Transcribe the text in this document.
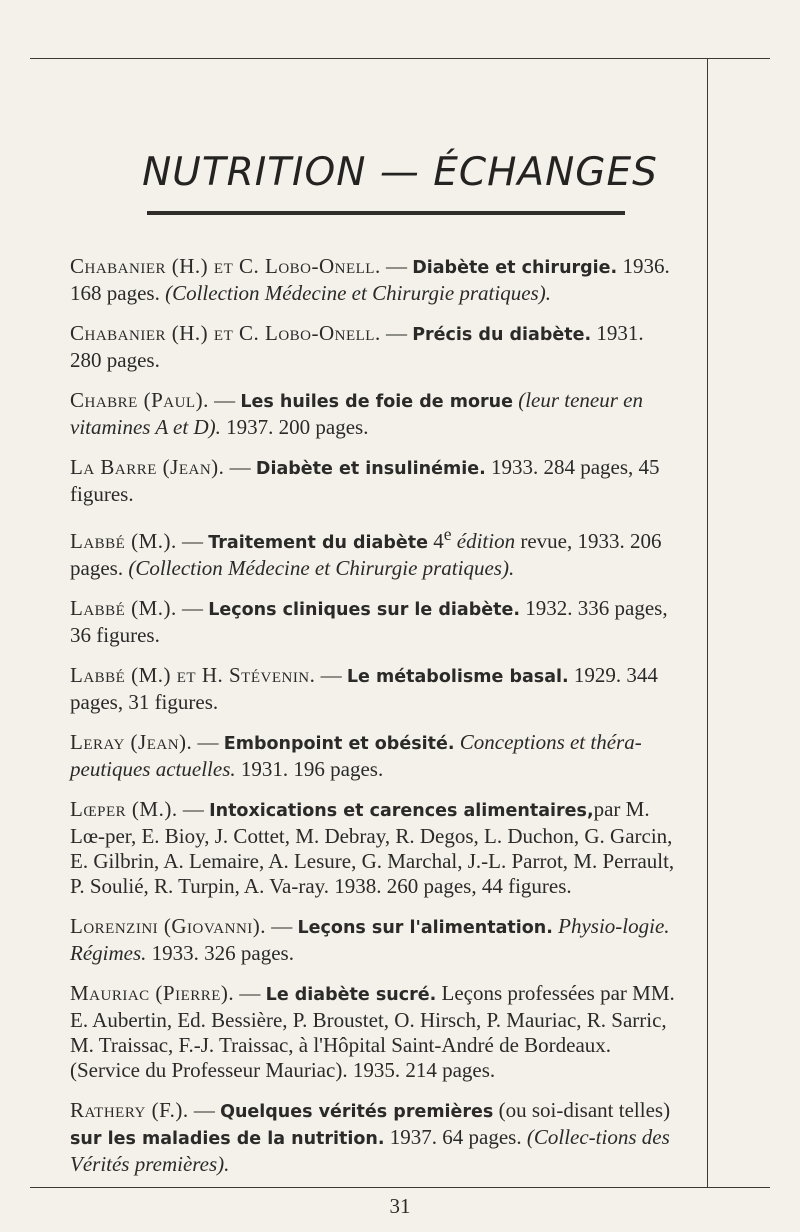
NUTRITION — ÉCHANGES

Chabanier (H.) et C. Lobo-Onell. — Diabète et chirurgie. 1936. 168 pages. (Collection Médecine et Chirurgie pratiques).

Chabanier (H.) et C. Lobo-Onell. — Précis du diabète. 1931. 280 pages.

Chabre (Paul). — Les huiles de foie de morue (leur teneur en vitamines A et D). 1937. 200 pages.

La Barre (Jean). — Diabète et insulinémie. 1933. 284 pages, 45 figures.

Labbé (M.). — Traitement du diabète 4e édition revue, 1933. 206 pages. (Collection Médecine et Chirurgie pratiques).

Labbé (M.). — Leçons cliniques sur le diabète. 1932. 336 pages, 36 figures.

Labbé (M.) et H. Stévenin. — Le métabolisme basal. 1929. 344 pages, 31 figures.

Leray (Jean). — Embonpoint et obésité. Conceptions et théra-peutiques actuelles. 1931. 196 pages.

Lœper (M.). — Intoxications et carences alimentaires,par M. Lœ-per, E. Bioy, J. Cottet, M. Debray, R. Degos, L. Duchon, G. Garcin, E. Gilbrin, A. Lemaire, A. Lesure, G. Marchal, J.-L. Parrot, M. Perrault, P. Soulié, R. Turpin, A. Va-ray. 1938. 260 pages, 44 figures.

Lorenzini (Giovanni). — Leçons sur l'alimentation. Physio-logie. Régimes. 1933. 326 pages.

Mauriac (Pierre). — Le diabète sucré. Leçons professées par MM. E. Aubertin, Ed. Bessière, P. Broustet, O. Hirsch, P. Mauriac, R. Sarric, M. Traissac, F.-J. Traissac, à l'Hôpital Saint-André de Bordeaux. (Service du Professeur Mauriac). 1935. 214 pages.

Rathery (F.). — Quelques vérités premières (ou soi-disant telles) sur les maladies de la nutrition. 1937. 64 pages. (Collec-tions des Vérités premières).

31
